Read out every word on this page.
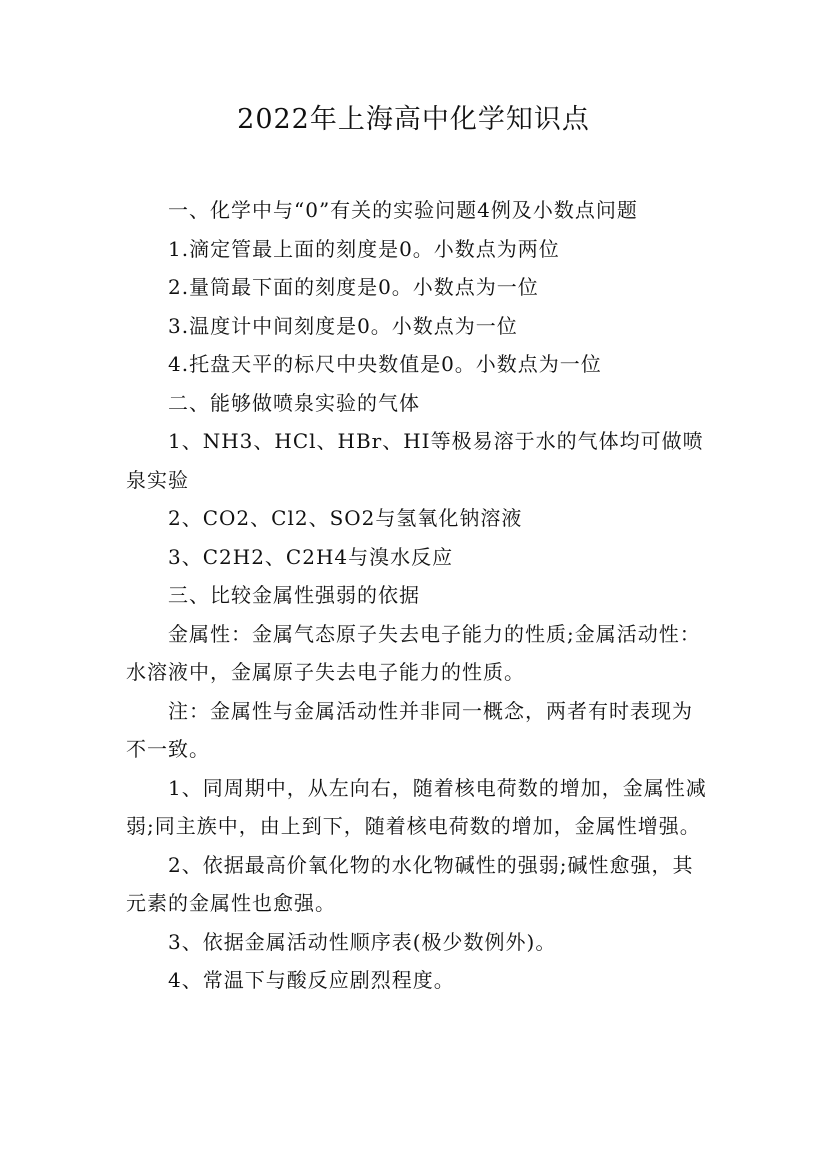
2022年上海高中化学知识点

一、化学中与“0”有关的实验问题4例及小数点问题

1.滴定管最上面的刻度是0。小数点为两位

2.量筒最下面的刻度是0。小数点为一位

3.温度计中间刻度是0。小数点为一位

4.托盘天平的标尺中央数值是0。小数点为一位

二、能够做喷泉实验的气体

1、NH3、HCl、HBr、HI等极易溶于水的气体均可做喷泉实验

2、CO2、Cl2、SO2与氢氧化钠溶液

3、C2H2、C2H4与溴水反应

三、比较金属性强弱的依据

金属性：金属气态原子失去电子能力的性质;金属活动性：水溶液中，金属原子失去电子能力的性质。

注：金属性与金属活动性并非同一概念，两者有时表现为不一致。

1、同周期中，从左向右，随着核电荷数的增加，金属性减弱;同主族中，由上到下，随着核电荷数的增加，金属性增强。

2、依据最高价氧化物的水化物碱性的强弱;碱性愈强，其元素的金属性也愈强。

3、依据金属活动性顺序表(极少数例外)。

4、常温下与酸反应剧烈程度。
